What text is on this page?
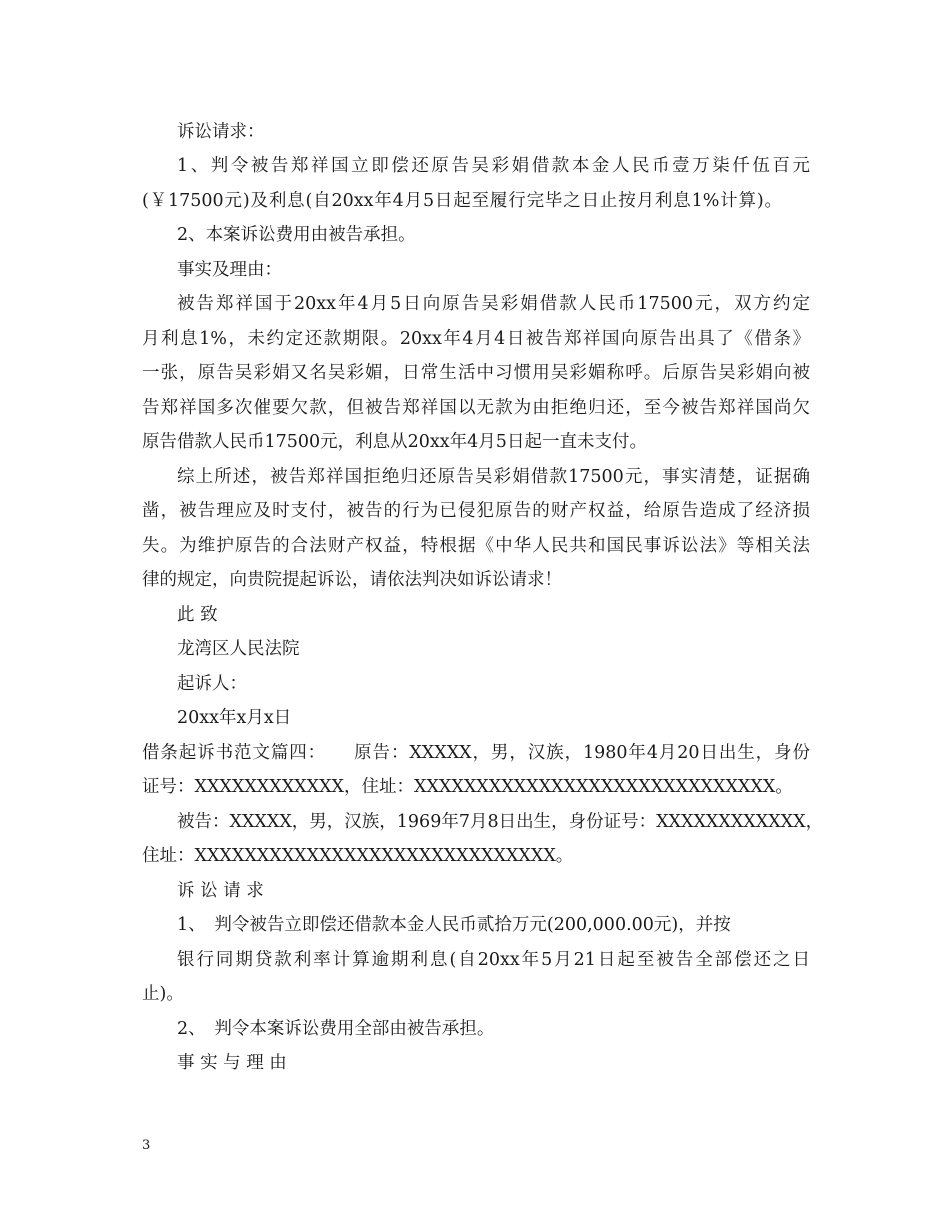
诉讼请求：
1、判令被告郑祥国立即偿还原告吴彩娟借款本金人民币壹万柒仟伍百元
(￥17500元)及利息(自20xx年4月5日起至履行完毕之日止按月利息1%计算)。
2、本案诉讼费用由被告承担。
事实及理由：
被告郑祥国于20xx年4月5日向原告吴彩娟借款人民币17500元，双方约定
月利息1%，未约定还款期限。20xx年4月4日被告郑祥国向原告出具了《借条》
一张，原告吴彩娟又名吴彩媚，日常生活中习惯用吴彩媚称呼。后原告吴彩娟向被
告郑祥国多次催要欠款，但被告郑祥国以无款为由拒绝归还，至今被告郑祥国尚欠
原告借款人民币17500元，利息从20xx年4月5日起一直未支付。
综上所述，被告郑祥国拒绝归还原告吴彩娟借款17500元，事实清楚，证据确
凿，被告理应及时支付，被告的行为已侵犯原告的财产权益，给原告造成了经济损
失。为维护原告的合法财产权益，特根据《中华人民共和国民事诉讼法》等相关法
律的规定，向贵院提起诉讼，请依法判决如诉讼请求！
此 致
龙湾区人民法院
起诉人：
20xx年x月x日
借条起诉书范文篇四：　　原告：XXXXX，男，汉族，1980年4月20日出生，身份
证号：XXXXXXXXXXXX，住址：XXXXXXXXXXXXXXXXXXXXXXXXXXXXX。
被告：XXXXX，男，汉族，1969年7月8日出生，身份证号：XXXXXXXXXXXX，
住址：XXXXXXXXXXXXXXXXXXXXXXXXXXXXX。
诉 讼 请 求
1、　判令被告立即偿还借款本金人民币贰拾万元(200,000.00元)，并按
银行同期贷款利率计算逾期利息(自20xx年5月21日起至被告全部偿还之日
止)。
2、　判令本案诉讼费用全部由被告承担。
事 实 与 理 由
3
